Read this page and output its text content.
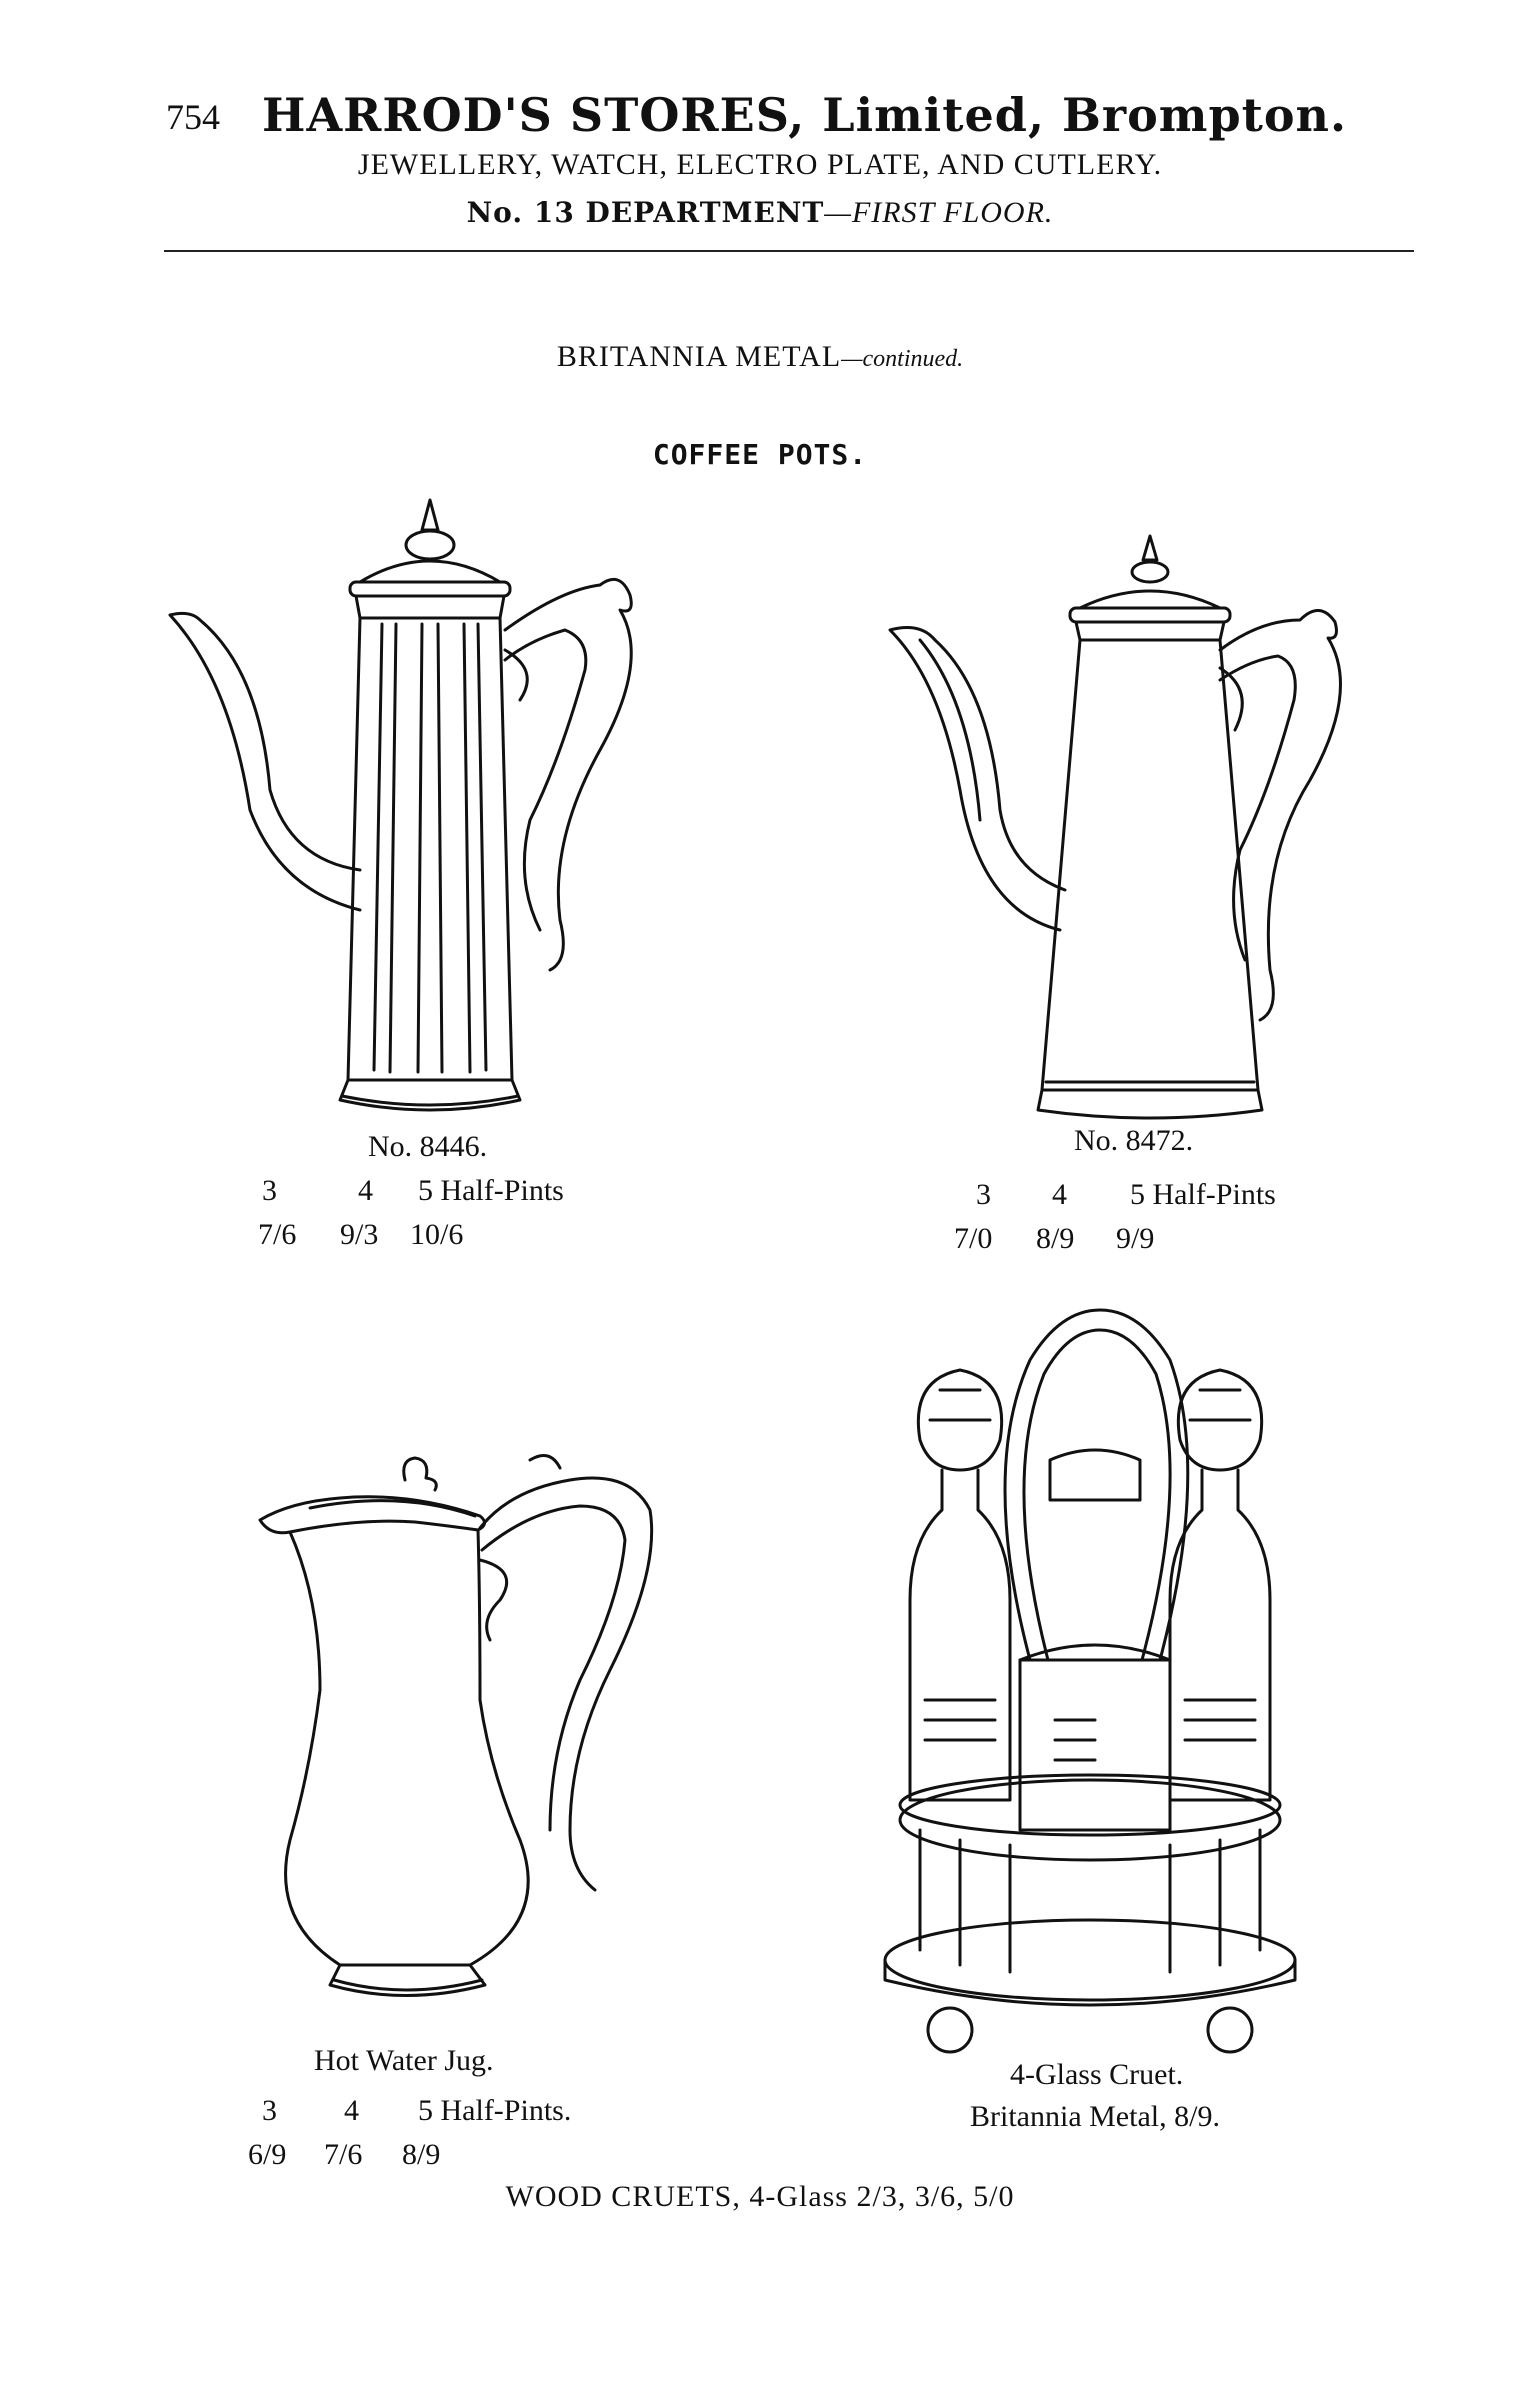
754 HARROD'S STORES, Limited, Brompton.
JEWELLERY, WATCH, ELECTRO PLATE, AND CUTLERY.
No. 13 DEPARTMENT—FIRST FLOOR.
BRITANNIA METAL—continued.
COFFEE POTS.
No. 8446.
3	4 5 Half-Pints
7/6 9/3 10/6
No. 8472.
3 4 5 Half-Pints
7/0 8/9 9/9
Hot Water Jug.
3 4 5 Half-Pints.
6/9 7/6 8/9
4-Glass Cruet.
Britannia Metal, 8/9.
WOOD CRUETS, 4-Glass 2/3, 3/6, 5/0
